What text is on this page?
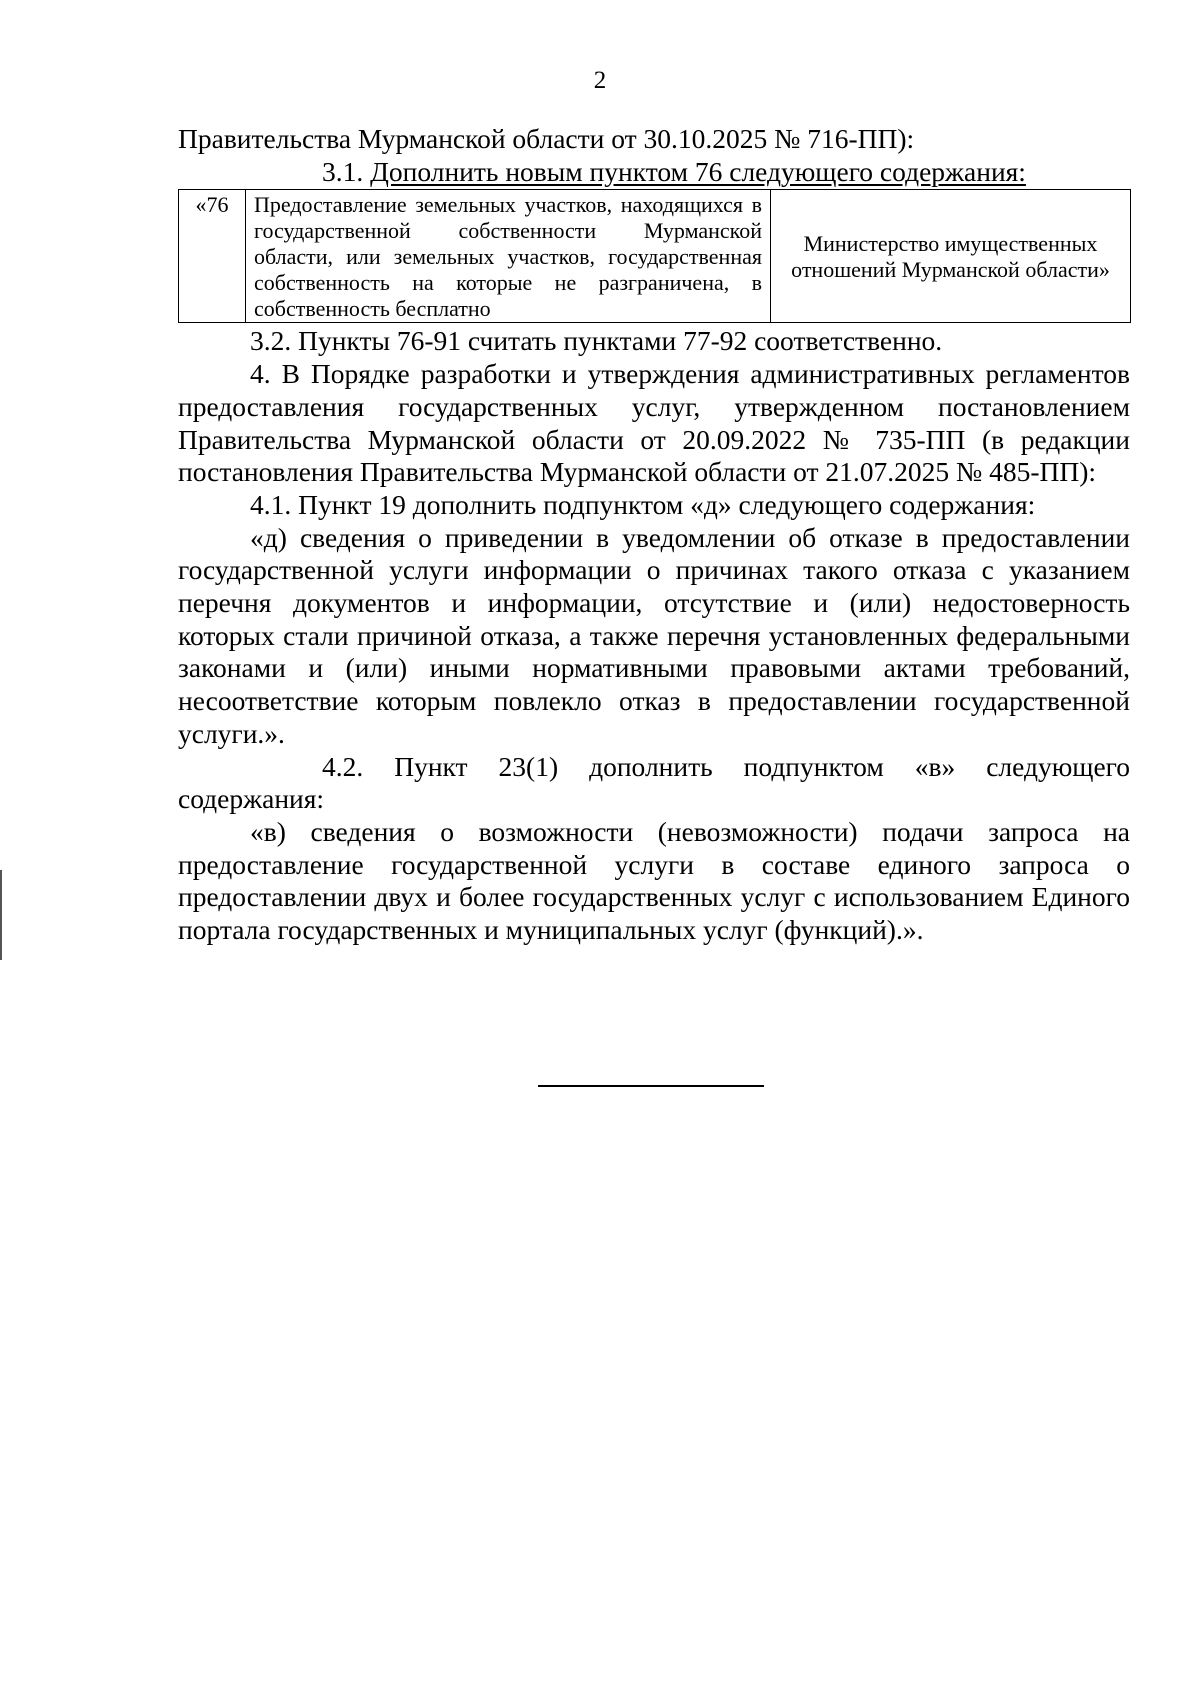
2

Правительства Мурманской области от 30.10.2025 № 716-ПП):

3.1. Дополнить новым пунктом 76 следующего содержания:

«76	Предоставление земельных участков, находящихся в государственной собственности Мурманской области, или земельных участков, государственная собственность на которые не разграничена, в собственность бесплатно	Министерство имущественных отношений Мурманской области»

3.2. Пункты 76-91 считать пунктами 77-92 соответственно.

4. В Порядке разработки и утверждения административных регламентов предоставления государственных услуг, утвержденном постановлением Правительства Мурманской области от 20.09.2022 № 735-ПП (в редакции постановления Правительства Мурманской области от 21.07.2025 № 485-ПП):

4.1. Пункт 19 дополнить подпунктом «д» следующего содержания:

«д) сведения о приведении в уведомлении об отказе в предоставлении государственной услуги информации о причинах такого отказа с указанием перечня документов и информации, отсутствие и (или) недостоверность которых стали причиной отказа, а также перечня установленных федеральными законами и (или) иными нормативными правовыми актами требований, несоответствие которым повлекло отказ в предоставлении государственной услуги.».

4.2. Пункт 23(1) дополнить подпунктом «в» следующего содержания:

«в) сведения о возможности (невозможности) подачи запроса на предоставление государственной услуги в составе единого запроса о предоставлении двух и более государственных услуг с использованием Единого портала государственных и муниципальных услуг (функций).».
